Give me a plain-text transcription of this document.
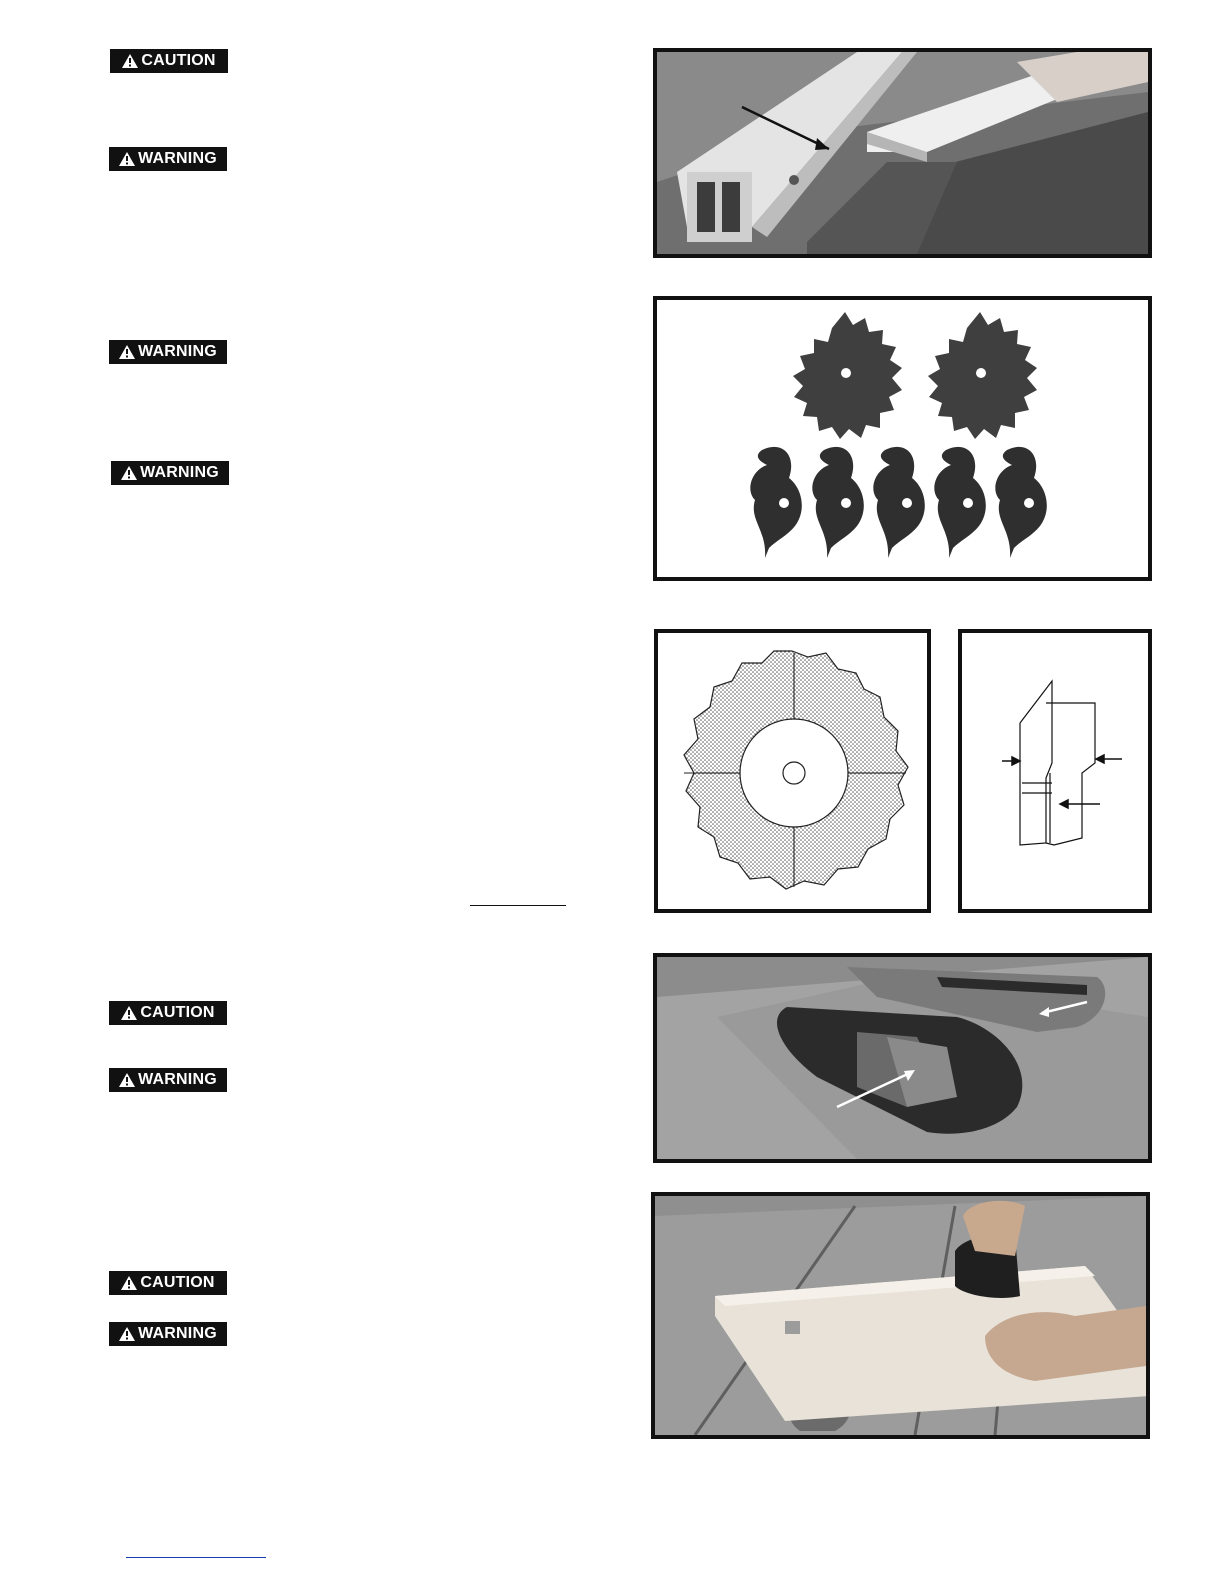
CAUTION
WARNING
WARNING
WARNING
CAUTION
WARNING
CAUTION
WARNING
